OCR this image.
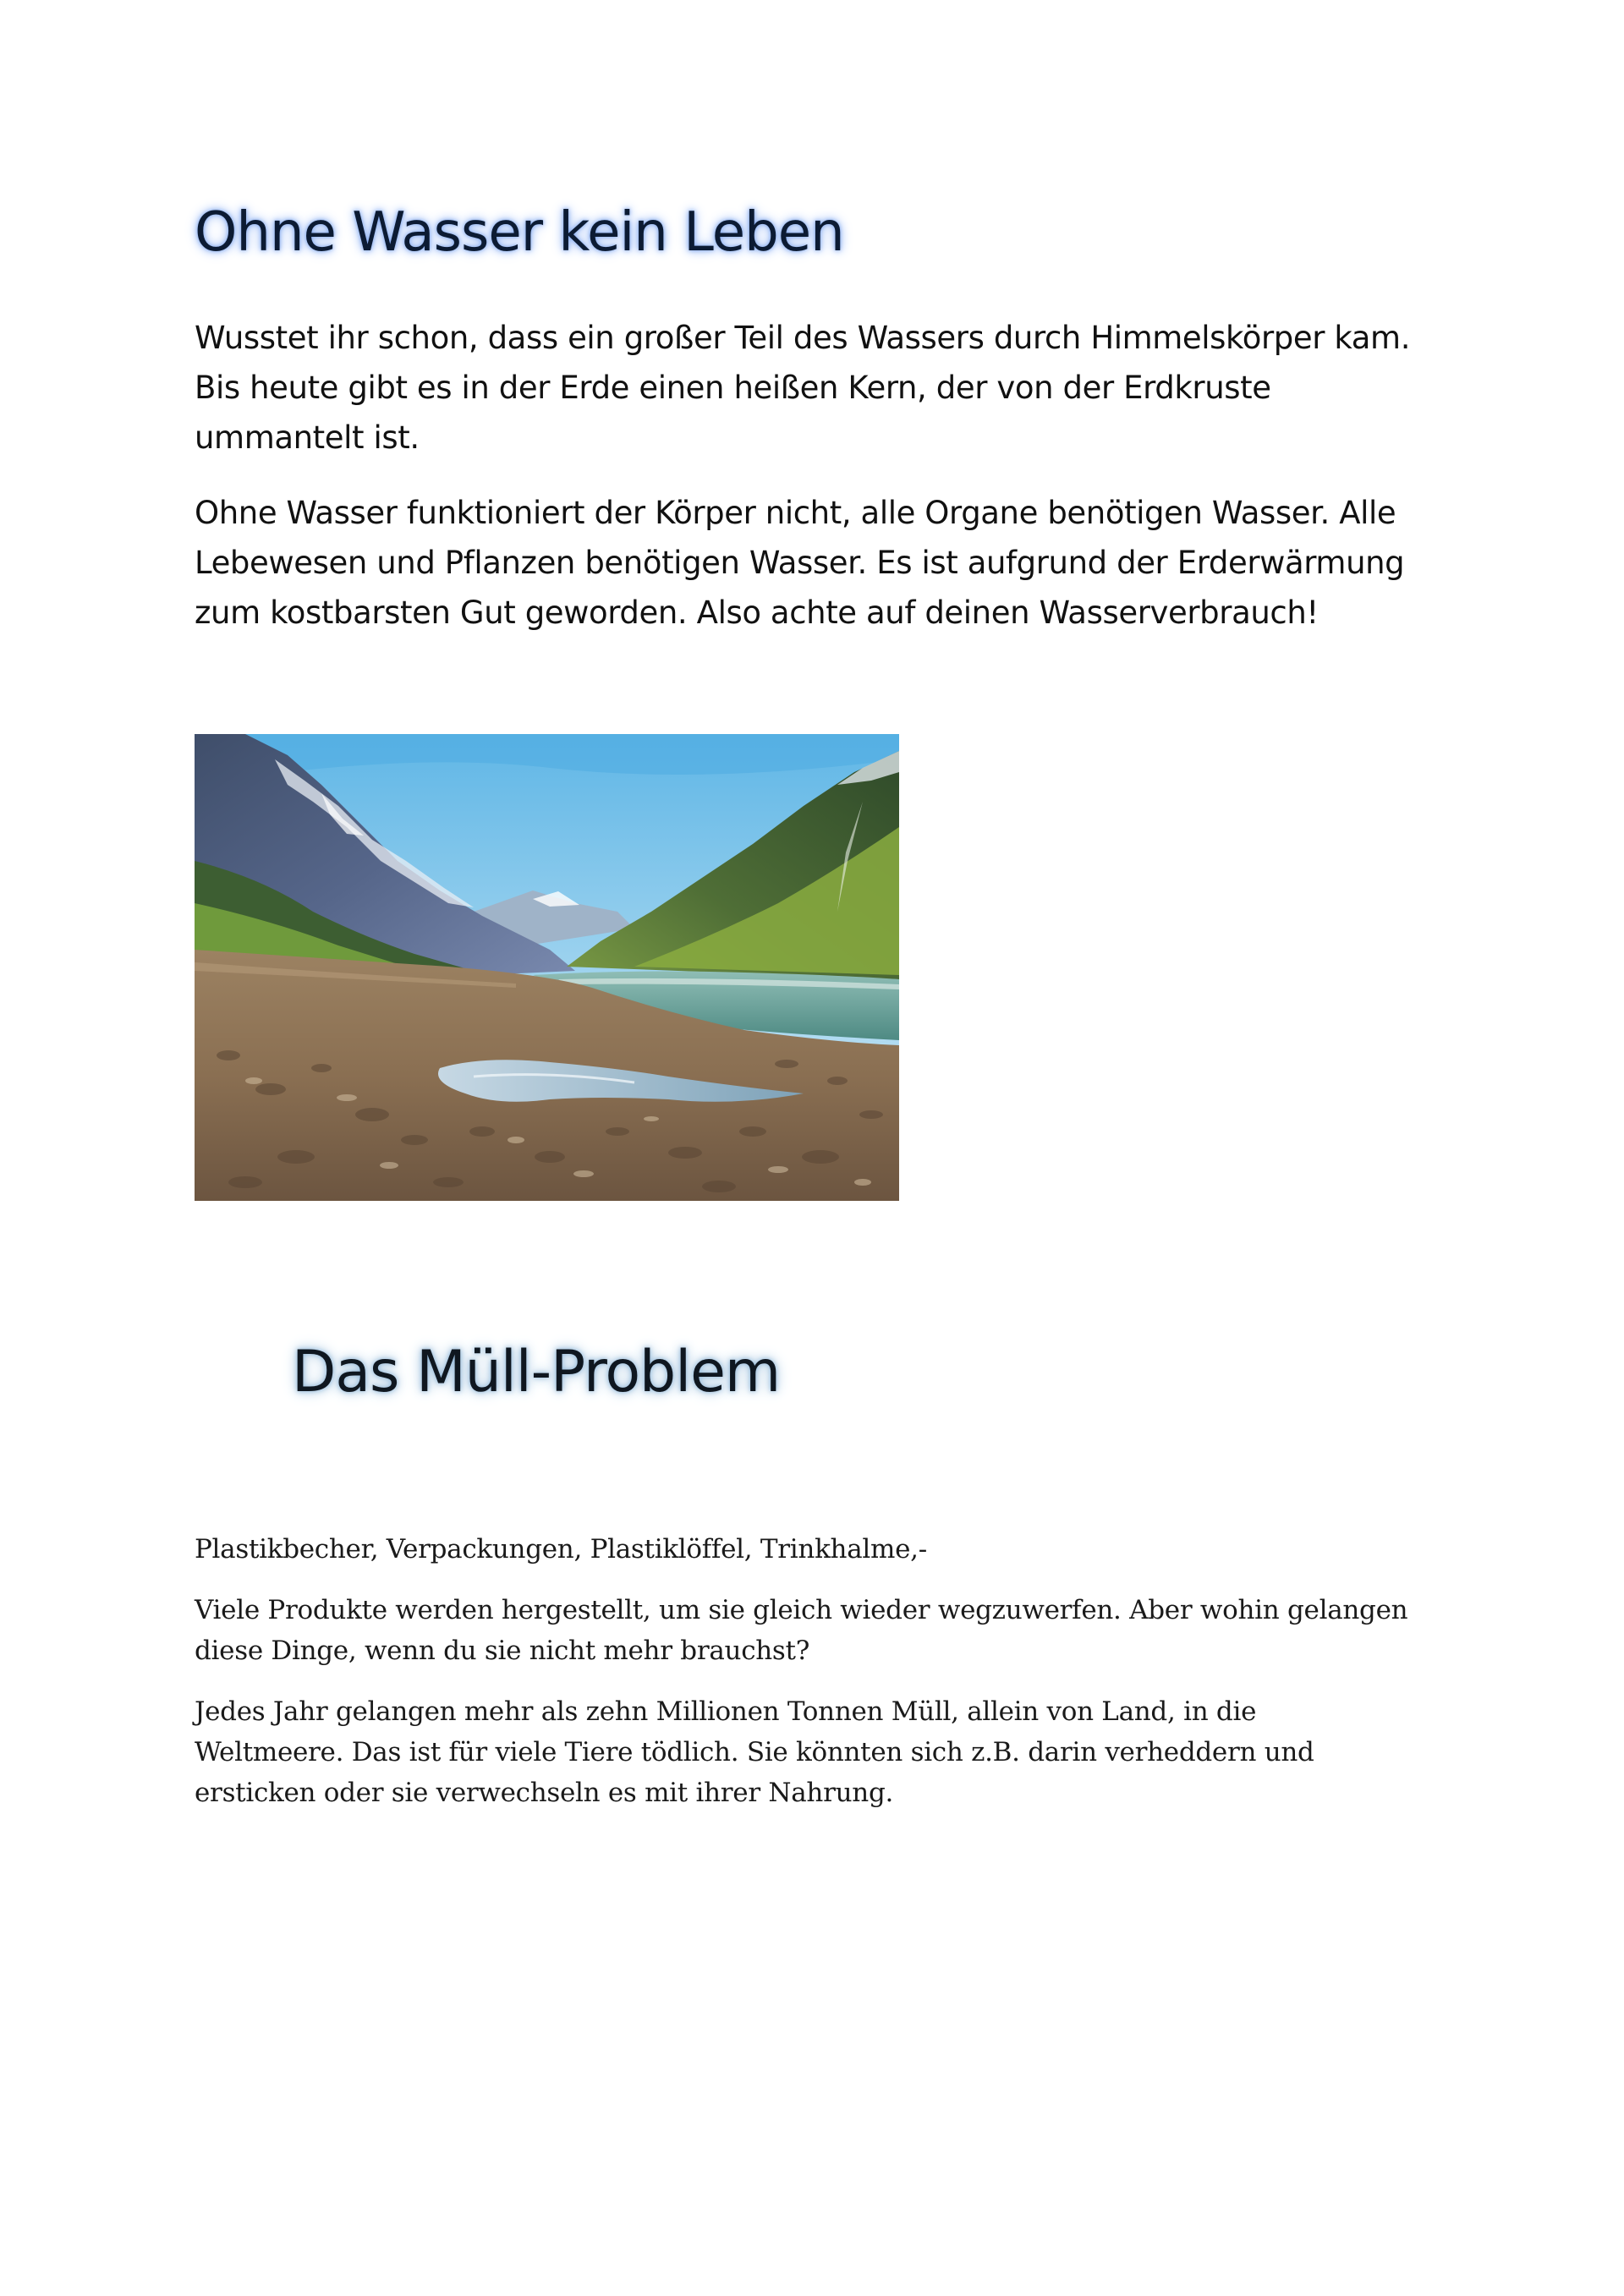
Ohne Wasser kein Leben

Wusstet ihr schon, dass ein großer Teil des Wassers durch Himmelskörper kam.
Bis heute gibt es in der Erde einen heißen Kern, der von der Erdkruste
ummantelt ist.

Ohne Wasser funktioniert der Körper nicht, alle Organe benötigen Wasser. Alle
Lebewesen und Pflanzen benötigen Wasser. Es ist aufgrund der Erderwärmung
zum kostbarsten Gut geworden. Also achte auf deinen Wasserverbrauch!

Das Müll-Problem

Plastikbecher, Verpackungen, Plastiklöffel, Trinkhalme,-

Viele Produkte werden hergestellt, um sie gleich wieder wegzuwerfen. Aber wohin gelangen
diese Dinge, wenn du sie nicht mehr brauchst?

Jedes Jahr gelangen mehr als zehn Millionen Tonnen Müll, allein von Land, in die
Weltmeere. Das ist für viele Tiere tödlich. Sie könnten sich z.B. darin verheddern und
ersticken oder sie verwechseln es mit ihrer Nahrung.
